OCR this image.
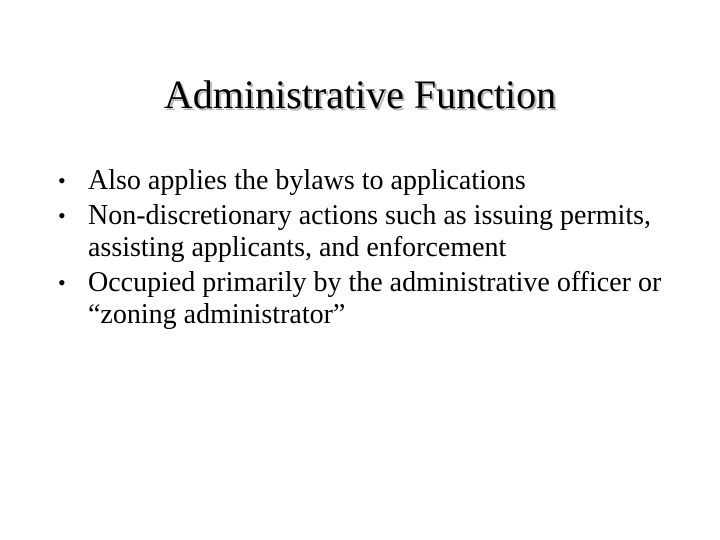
Administrative Function
• Also applies the bylaws to applications
• Non-discretionary actions such as issuing permits, assisting applicants, and enforcement
• Occupied primarily by the administrative officer or “zoning administrator”
